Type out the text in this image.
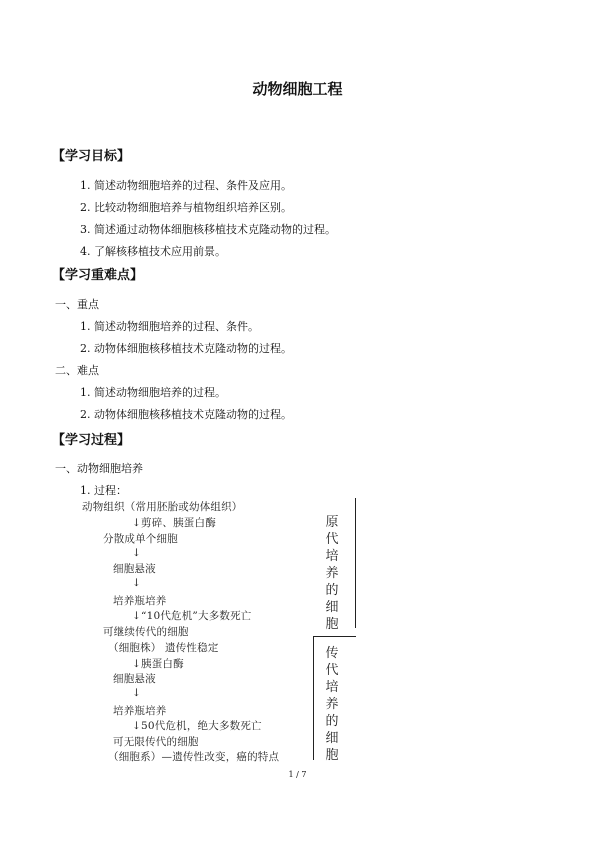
动物细胞工程
【学习目标】
1. 简述动物细胞培养的过程、条件及应用。
2. 比较动物细胞培养与植物组织培养区别。
3. 简述通过动物体细胞核移植技术克隆动物的过程。
4. 了解核移植技术应用前景。
【学习重难点】
一、重点
1. 简述动物细胞培养的过程、条件。
2. 动物体细胞核移植技术克隆动物的过程。
二、难点
1. 简述动物细胞培养的过程。
2. 动物体细胞核移植技术克隆动物的过程。
【学习过程】
一、动物细胞培养
1. 过程：
动物组织（常用胚胎或幼体组织）
↓剪碎、胰蛋白酶
分散成单个细胞
↓
细胞悬液
↓
培养瓶培养
↓“10代危机”大多数死亡
可继续传代的细胞
（细胞株） 遗传性稳定
↓胰蛋白酶
细胞悬液
↓
培养瓶培养
↓50代危机，绝大多数死亡
可无限传代的细胞
（细胞系）—遗传性改变，癌的特点
原代培养的细胞
传代培养的细胞
1 / 7
